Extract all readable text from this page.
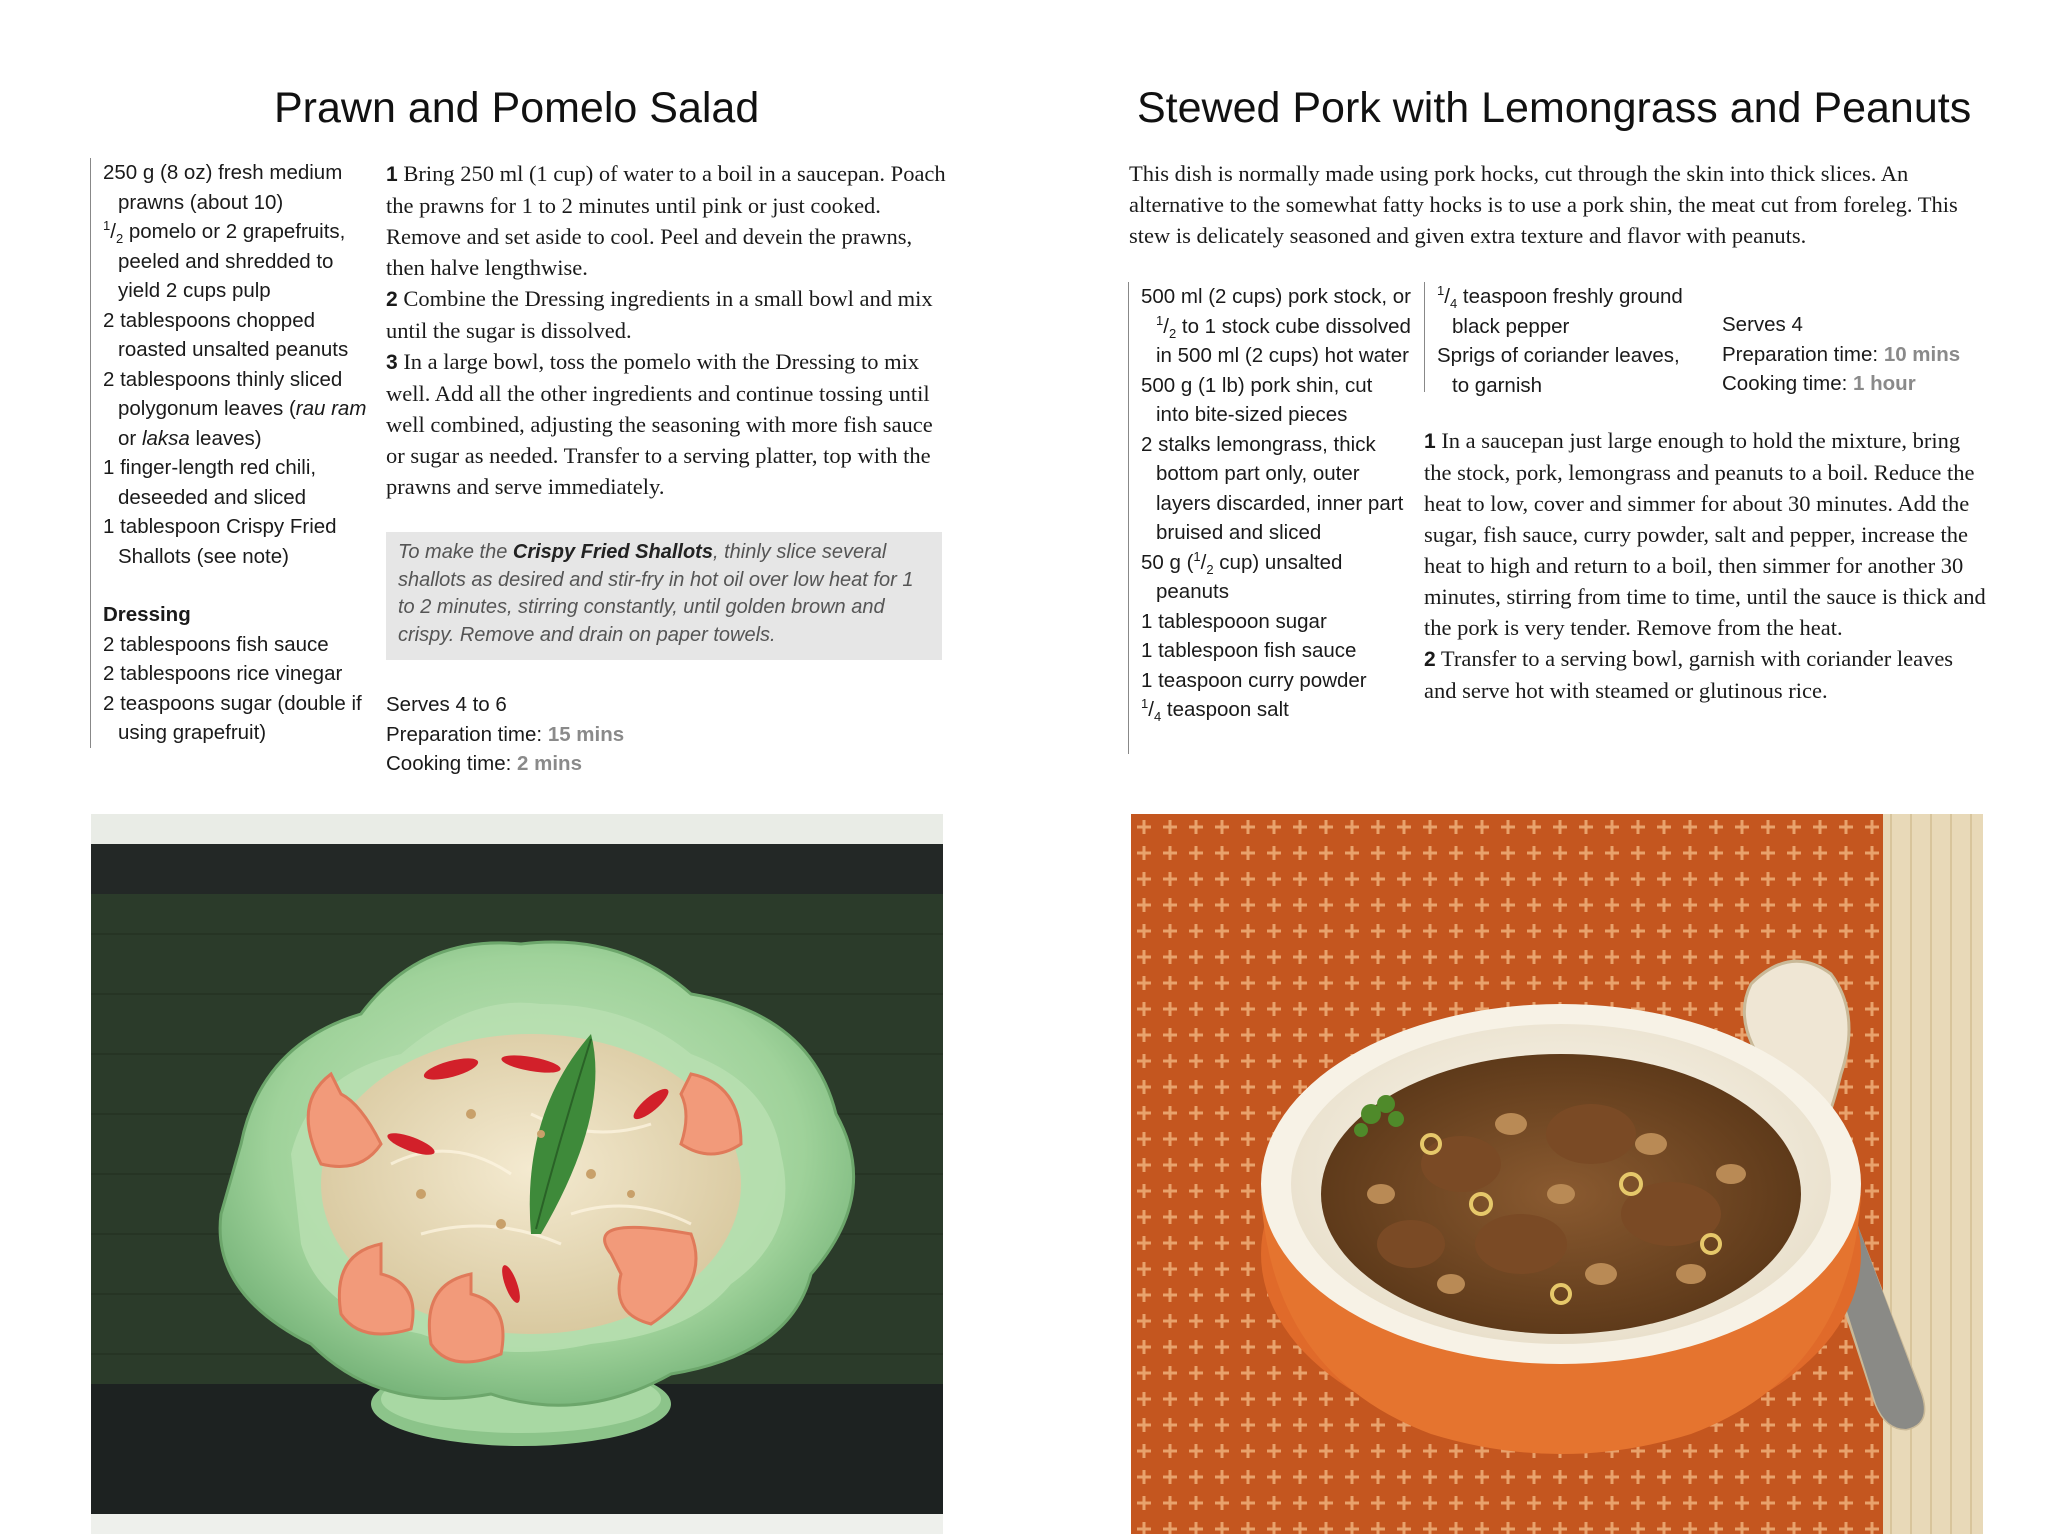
Prawn and Pomelo Salad

250 g (8 oz) fresh medium prawns (about 10)

$^1/_2$ pomelo or 2 grapefruits, peeled and shredded to yield 2 cups pulp

2 tablespoons chopped roasted unsalted peanuts

2 tablespoons thinly sliced polygonum leaves (rau ram or laksa leaves)

1 finger-length red chili, deseeded and sliced

1 tablespoon Crispy Fried Shallots (see note)

Dressing

2 tablespoons fish sauce

2 tablespoons rice vinegar

2 teaspoons sugar (double if using grapefruit)

1 Bring 250 ml (1 cup) of water to a boil in a saucepan. Poach the prawns for 1 to 2 minutes until pink or just cooked. Remove and set aside to cool. Peel and devein the prawns, then halve lengthwise.

2 Combine the Dressing ingredients in a small bowl and mix until the sugar is dissolved.

3 In a large bowl, toss the pomelo with the Dressing to mix well. Add all the other ingredients and continue tossing until well combined, adjusting the seasoning with more fish sauce or sugar as needed. Transfer to a serving platter, top with the prawns and serve immediately.

To make the Crispy Fried Shallots, thinly slice several shallots as desired and stir-fry in hot oil over low heat for 1 to 2 minutes, stirring constantly, until golden brown and crispy. Remove and drain on paper towels.
Serves 4 to 6
Preparation time: 15 mins
Cooking time: 2 mins
Stewed Pork with Lemongrass and Peanuts
This dish is normally made using pork hocks, cut through the skin into thick slices. An alternative to the somewhat fatty hocks is to use a pork shin, the meat cut from foreleg. This stew is delicately seasoned and given extra texture and flavor with peanuts.

500 ml (2 cups) pork stock, or $^1/_2$ to 1 stock cube dissolved in 500 ml (2 cups) hot water

500 g (1 lb) pork shin, cut into bite-sized pieces

2 stalks lemongrass, thick bottom part only, outer layers discarded, inner part bruised and sliced

50 g ($^1/_2$ cup) unsalted peanuts

1 tablespooon sugar

1 tablespoon fish sauce

1 teaspoon curry powder

$^1/_4$ teaspoon salt

$^1/_4$ teaspoon freshly ground black pepper

Sprigs of coriander leaves, to garnish

Serves 4
Preparation time: 10 mins
Cooking time: 1 hour

1 In a saucepan just large enough to hold the mixture, bring the stock, pork, lemongrass and peanuts to a boil. Reduce the heat to low, cover and simmer for about 30 minutes. Add the sugar, fish sauce, curry powder, salt and pepper, increase the heat to high and return to a boil, then simmer for another 30 minutes, stirring from time to time, until the sauce is thick and the pork is very tender. Remove from the heat.

2 Transfer to a serving bowl, garnish with coriander leaves and serve hot with steamed or glutinous rice.
